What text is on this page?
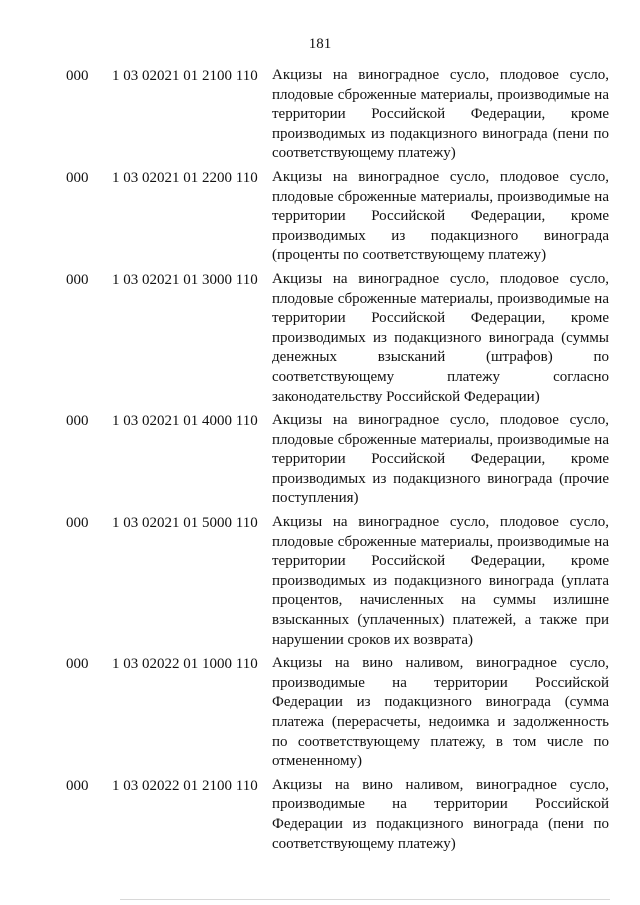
181
000 1 03 02021 01 2100 110 Акцизы на виноградное сусло, плодовое сусло, плодовые сброженные материалы, производимые на территории Российской Федерации, кроме производимых из подакцизного винограда (пени по соответствующему платежу)
000 1 03 02021 01 2200 110 Акцизы на виноградное сусло, плодовое сусло, плодовые сброженные материалы, производимые на территории Российской Федерации, кроме производимых из подакцизного винограда (проценты по соответствующему платежу)
000 1 03 02021 01 3000 110 Акцизы на виноградное сусло, плодовое сусло, плодовые сброженные материалы, производимые на территории Российской Федерации, кроме производимых из подакцизного винограда (суммы денежных взысканий (штрафов) по соответствующему платежу согласно законодательству Российской Федерации)
000 1 03 02021 01 4000 110 Акцизы на виноградное сусло, плодовое сусло, плодовые сброженные материалы, производимые на территории Российской Федерации, кроме производимых из подакцизного винограда (прочие поступления)
000 1 03 02021 01 5000 110 Акцизы на виноградное сусло, плодовое сусло, плодовые сброженные материалы, производимые на территории Российской Федерации, кроме производимых из подакцизного винограда (уплата процентов, начисленных на суммы излишне взысканных (уплаченных) платежей, а также при нарушении сроков их возврата)
000 1 03 02022 01 1000 110 Акцизы на вино наливом, виноградное сусло, производимые на территории Российской Федерации из подакцизного винограда (сумма платежа (перерасчеты, недоимка и задолженность по соответствующему платежу, в том числе по отмененному)
000 1 03 02022 01 2100 110 Акцизы на вино наливом, виноградное сусло, производимые на территории Российской Федерации из подакцизного винограда (пени по соответствующему платежу)
